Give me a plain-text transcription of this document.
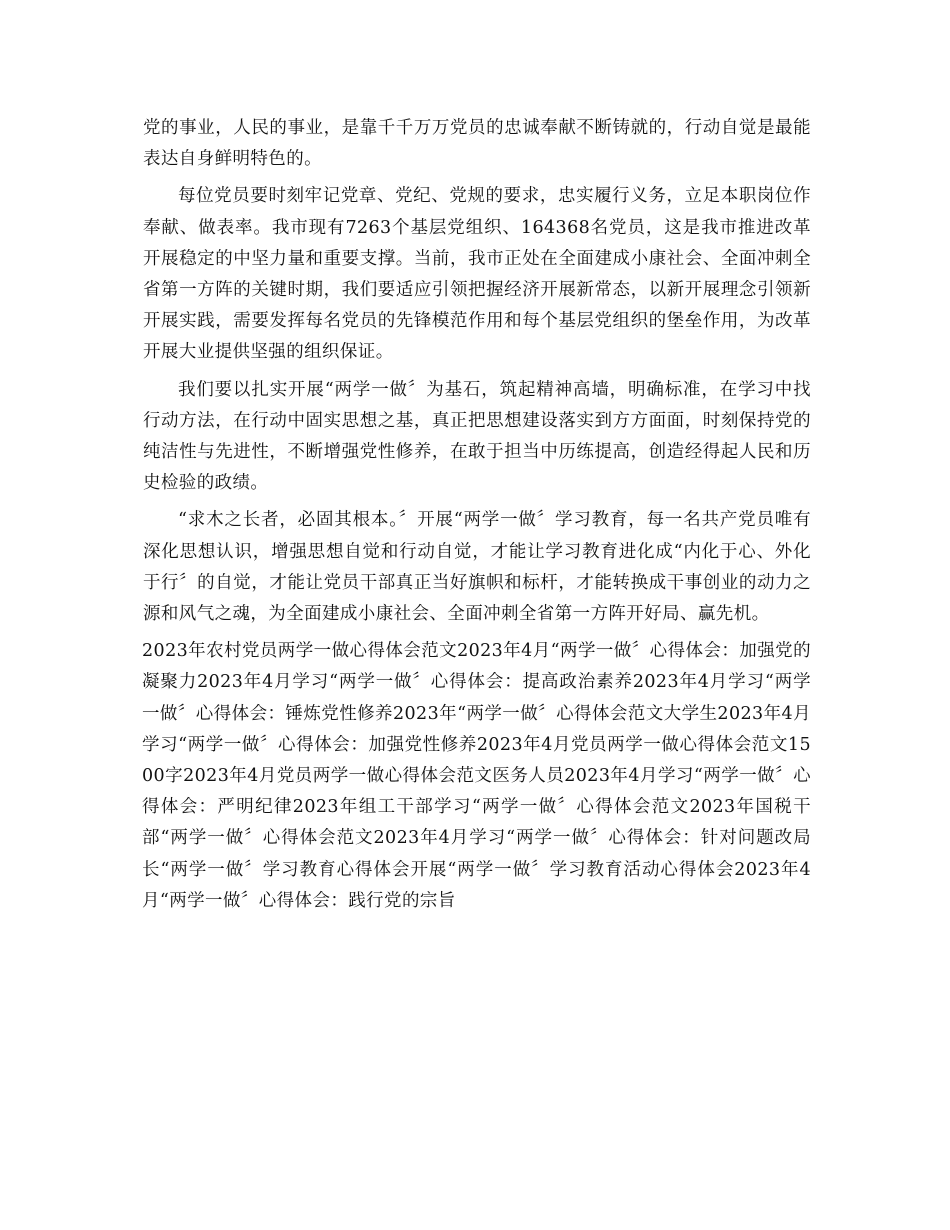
党的事业，人民的事业，是靠千千万万党员的忠诚奉献不断铸就的，行动自觉是最能表达自身鲜明特色的。

每位党员要时刻牢记党章、党纪、党规的要求，忠实履行义务，立足本职岗位作奉献、做表率。我市现有7263个基层党组织、164368名党员，这是我市推进改革开展稳定的中坚力量和重要支撑。当前，我市正处在全面建成小康社会、全面冲刺全省第一方阵的关键时期，我们要适应引领把握经济开展新常态，以新开展理念引领新开展实践，需要发挥每名党员的先锋模范作用和每个基层党组织的堡垒作用，为改革开展大业提供坚强的组织保证。

我们要以扎实开展“两学一做〞为基石，筑起精神高墙，明确标准，在学习中找行动方法，在行动中固实思想之基，真正把思想建设落实到方方面面，时刻保持党的纯洁性与先进性，不断增强党性修养，在敢于担当中历练提高，创造经得起人民和历史检验的政绩。

“求木之长者，必固其根本。〞开展“两学一做〞学习教育，每一名共产党员唯有深化思想认识，增强思想自觉和行动自觉，才能让学习教育进化成“内化于心、外化于行〞的自觉，才能让党员干部真正当好旗帜和标杆，才能转换成干事创业的动力之源和风气之魂，为全面建成小康社会、全面冲刺全省第一方阵开好局、赢先机。

2023年农村党员两学一做心得体会范文2023年4月“两学一做〞心得体会：加强党的凝聚力2023年4月学习“两学一做〞心得体会：提高政治素养2023年4月学习“两学一做〞心得体会：锤炼党性修养2023年“两学一做〞心得体会范文大学生2023年4月学习“两学一做〞心得体会：加强党性修养2023年4月党员两学一做心得体会范文1500字2023年4月党员两学一做心得体会范文医务人员2023年4月学习“两学一做〞心得体会：严明纪律2023年组工干部学习“两学一做〞心得体会范文2023年国税干部“两学一做〞心得体会范文2023年4月学习“两学一做〞心得体会：针对问题改局长“两学一做〞学习教育心得体会开展“两学一做〞学习教育活动心得体会2023年4月“两学一做〞心得体会：践行党的宗旨
